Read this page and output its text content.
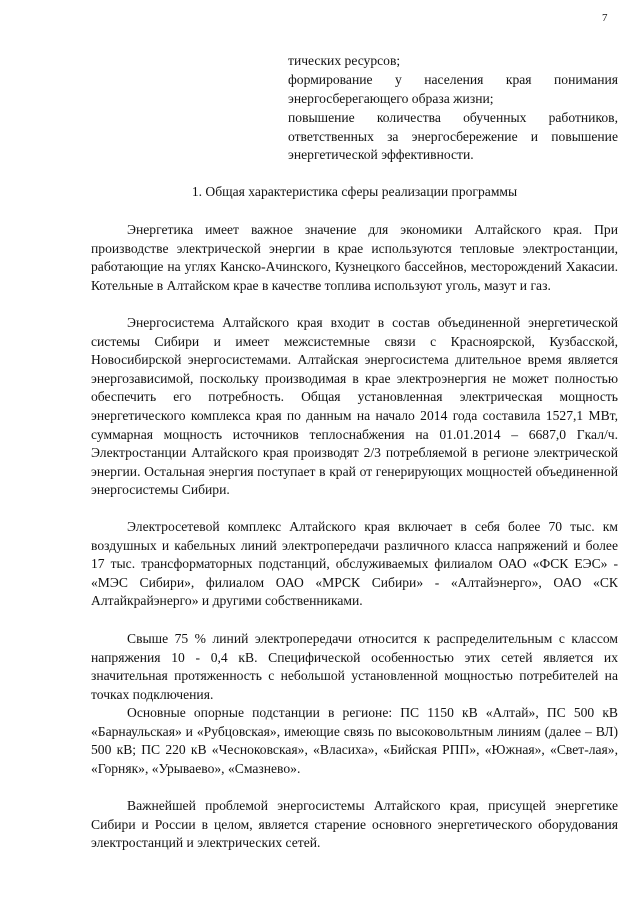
7

тических ресурсов;

формирование у населения края понимания энергосберегающего образа жизни;

повышение количества обученных работников, ответственных за энергосбережение и повышение энергетической эффективности.

1. Общая характеристика сферы реализации программы

Энергетика имеет важное значение для экономики Алтайского края. При производстве электрической энергии в крае используются тепловые электростанции, работающие на углях Канско-Ачинского, Кузнецкого бассейнов, месторождений Хакасии. Котельные в Алтайском крае в качестве топлива используют уголь, мазут и газ.

Энергосистема Алтайского края входит в состав объединенной энергетической системы Сибири и имеет межсистемные связи с Красноярской, Кузбасской, Новосибирской энергосистемами. Алтайская энергосистема длительное время является энергозависимой, поскольку производимая в крае электроэнергия не может полностью обеспечить его потребность. Общая установленная электрическая мощность энергетического комплекса края по данным на начало 2014 года составила 1527,1 МВт, суммарная мощность источников теплоснабжения на 01.01.2014 – 6687,0 Гкал/ч. Электростанции Алтайского края производят 2/3 потребляемой в регионе электрической энергии. Остальная энергия поступает в край от генерирующих мощностей объединенной энергосистемы Сибири.

Электросетевой комплекс Алтайского края включает в себя более 70 тыс. км воздушных и кабельных линий электропередачи различного класса напряжений и более 17 тыс. трансформаторных подстанций, обслуживаемых филиалом ОАО «ФСК ЕЭС» - «МЭС Сибири», филиалом ОАО «МРСК Сибири» - «Алтайэнерго», ОАО «СК Алтайкрайэнерго» и другими собственниками.

Свыше 75 % линий электропередачи относится к распределительным с классом напряжения 10 - 0,4 кВ. Специфической особенностью этих сетей является их значительная протяженность с небольшой установленной мощностью потребителей на точках подключения.

Основные опорные подстанции в регионе: ПС 1150 кВ «Алтай», ПС 500 кВ «Барнаульская» и «Рубцовская», имеющие связь по высоковольтным линиям (далее – ВЛ) 500 кВ; ПС 220 кВ «Чесноковская», «Власиха», «Бийская РПП», «Южная», «Свет-лая», «Горняк», «Урываево», «Смазнево».

Важнейшей проблемой энергосистемы Алтайского края, присущей энергетике Сибири и России в целом, является старение основного энергетического оборудования электростанций и электрических сетей.
